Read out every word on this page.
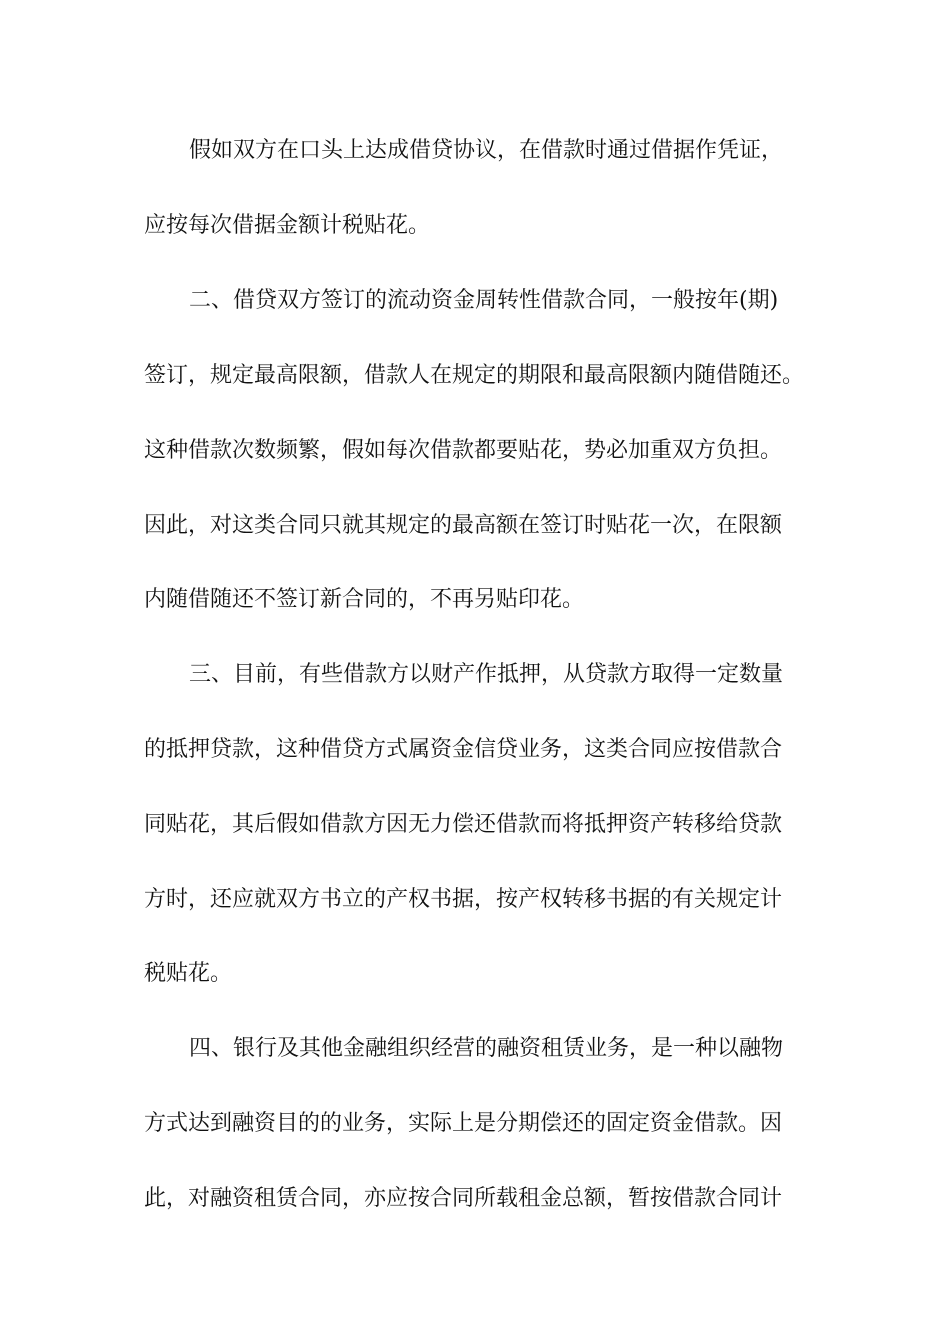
假如双方在口头上达成借贷协议，在借款时通过借据作凭证，
应按每次借据金额计税贴花。
二、借贷双方签订的流动资金周转性借款合同，一般按年(期)
签订，规定最高限额，借款人在规定的期限和最高限额内随借随还。
这种借款次数频繁，假如每次借款都要贴花，势必加重双方负担。
因此，对这类合同只就其规定的最高额在签订时贴花一次，在限额
内随借随还不签订新合同的，不再另贴印花。
三、目前，有些借款方以财产作抵押，从贷款方取得一定数量
的抵押贷款，这种借贷方式属资金信贷业务，这类合同应按借款合
同贴花，其后假如借款方因无力偿还借款而将抵押资产转移给贷款
方时，还应就双方书立的产权书据，按产权转移书据的有关规定计
税贴花。
四、银行及其他金融组织经营的融资租赁业务，是一种以融物
方式达到融资目的的业务，实际上是分期偿还的固定资金借款。因
此，对融资租赁合同，亦应按合同所载租金总额，暂按借款合同计
